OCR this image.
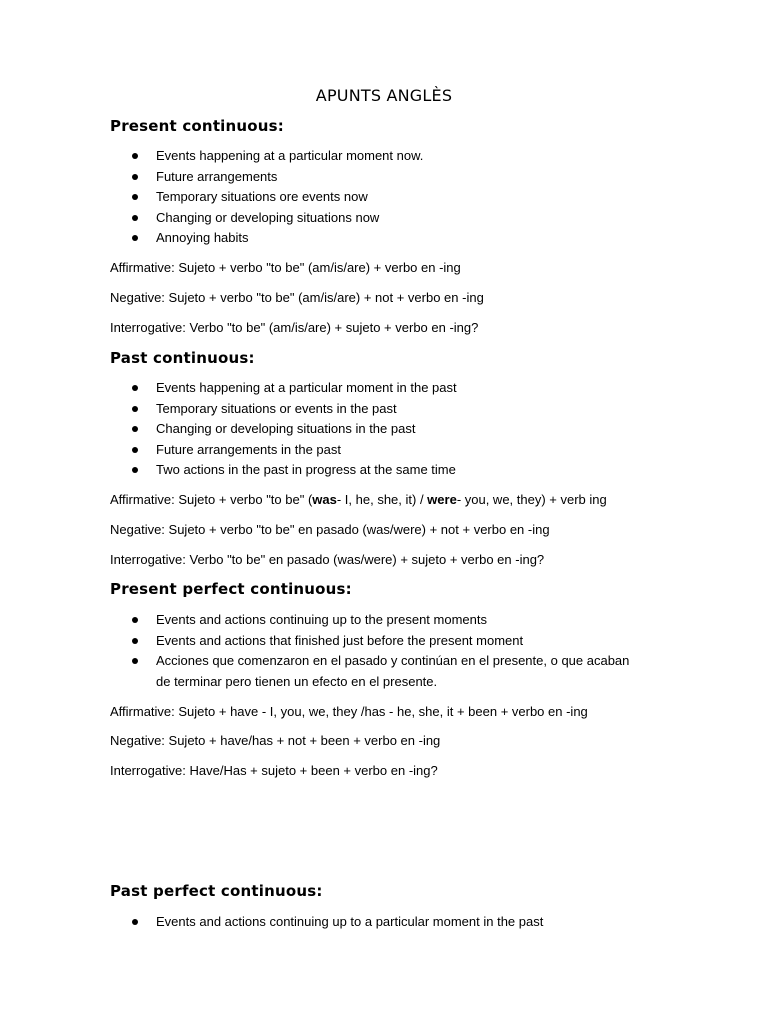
APUNTS ANGLÈS
Present continuous:
Events happening at a particular moment now.
Future arrangements
Temporary situations ore events now
Changing or developing situations now
Annoying habits

Affirmative: Sujeto + verbo "to be" (am/is/are) + verbo en -ing

Negative: Sujeto + verbo "to be" (am/is/are) + not + verbo en -ing

Interrogative: Verbo "to be" (am/is/are) + sujeto + verbo en -ing?

Past continuous:
Events happening at a particular moment in the past
Temporary situations or events in the past
Changing or developing situations in the past
Future arrangements in the past
Two actions in the past in progress at the same time

Affirmative: Sujeto + verbo "to be" (was- I, he, she, it) / were- you, we, they) + verb ing

Negative: Sujeto + verbo "to be" en pasado (was/were) + not + verbo en -ing

Interrogative: Verbo "to be" en pasado (was/were) + sujeto + verbo en -ing?

Present perfect continuous:
Events and actions continuing up to the present moments
Events and actions that finished just before the present moment
Acciones que comenzaron en el pasado y continúan en el presente, o que acaban de terminar pero tienen un efecto en el presente.

Affirmative: Sujeto + have - I, you, we, they /has - he, she, it + been + verbo en -ing

Negative: Sujeto + have/has + not + been + verbo en -ing

Interrogative: Have/Has + sujeto + been + verbo en -ing?

Past perfect continuous:
Events and actions continuing up to a particular moment in the past
